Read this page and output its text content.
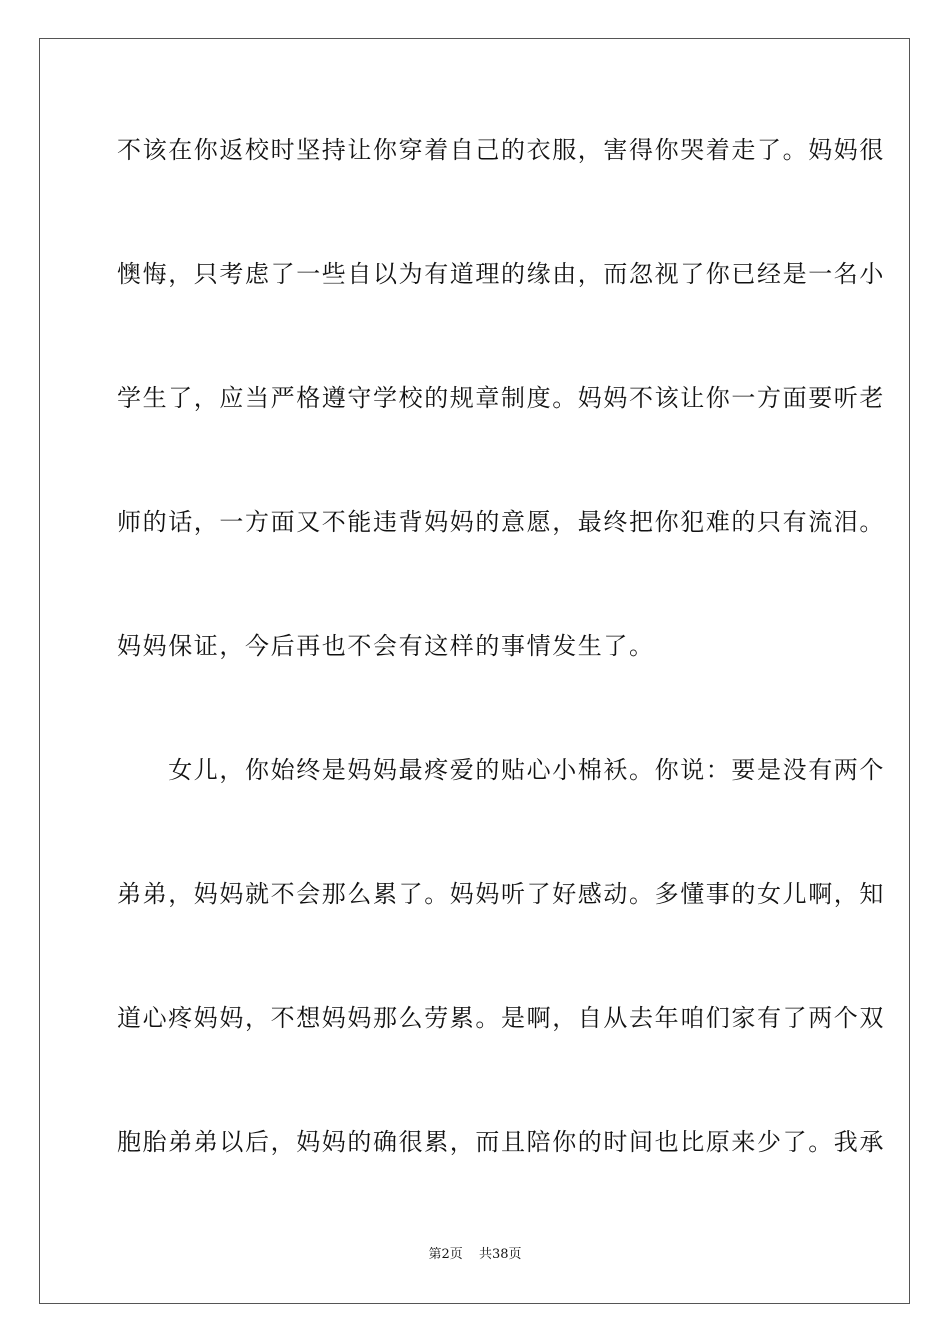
不该在你返校时坚持让你穿着自己的衣服，害得你哭着走了。妈妈很
懊悔，只考虑了一些自以为有道理的缘由，而忽视了你已经是一名小
学生了，应当严格遵守学校的规章制度。妈妈不该让你一方面要听老
师的话，一方面又不能违背妈妈的意愿，最终把你犯难的只有流泪。
妈妈保证，今后再也不会有这样的事情发生了。
　　女儿，你始终是妈妈最疼爱的贴心小棉袄。你说：要是没有两个
弟弟，妈妈就不会那么累了。妈妈听了好感动。多懂事的女儿啊，知
道心疼妈妈，不想妈妈那么劳累。是啊，自从去年咱们家有了两个双
胞胎弟弟以后，妈妈的确很累，而且陪你的时间也比原来少了。我承
第2页 共38页
